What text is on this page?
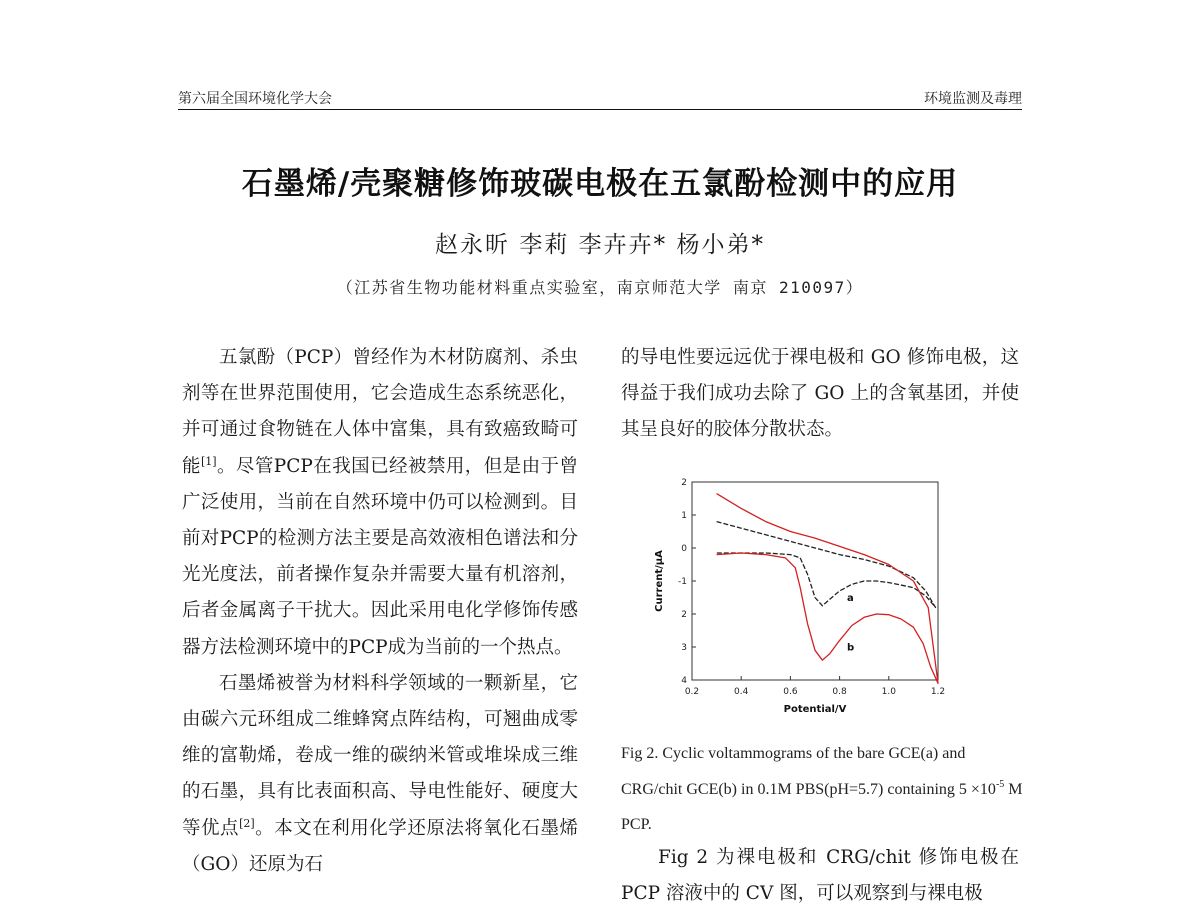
第六届全国环境化学大会	环境监测及毒理
石墨烯/壳聚糖修饰玻碳电极在五氯酚检测中的应用
赵永昕 李莉 李卉卉* 杨小弟*
（江苏省生物功能材料重点实验室，南京师范大学 南京 210097）

五氯酚（PCP）曾经作为木材防腐剂、杀虫剂等在世界范围使用，它会造成生态系统恶化，并可通过食物链在人体中富集，具有致癌致畸可能[1]。尽管PCP在我国已经被禁用，但是由于曾广泛使用，当前在自然环境中仍可以检测到。目前对PCP的检测方法主要是高效液相色谱法和分光光度法，前者操作复杂并需要大量有机溶剂，后者金属离子干扰大。因此采用电化学修饰传感器方法检测环境中的PCP成为当前的一个热点。

石墨烯被誉为材料科学领域的一颗新星，它由碳六元环组成二维蜂窝点阵结构，可翘曲成零维的富勒烯，卷成一维的碳纳米管或堆垛成三维的石墨，具有比表面积高、导电性能好、硬度大等优点[2]。本文在利用化学还原法将氧化石墨烯（GO）还原为石

的导电性要远远优于裸电极和 GO 修饰电极，这得益于我们成功去除了 GO 上的含氧基团，并使其呈良好的胶体分散状态。

0.2	0.4	0.6	0.8	1.0	1.2
2
1
0
-1
2
3
4
Potential/V
Current/μA	a
b
Fig 2. Cyclic voltammograms of the bare GCE(a) and CRG/chit GCE(b) in 0.1M PBS(pH=5.7) containing $5 \times 10^{-5}$ M PCP.

Fig 2 为裸电极和 CRG/chit 修饰电极在 PCP 溶液中的 CV 图，可以观察到与裸电极
